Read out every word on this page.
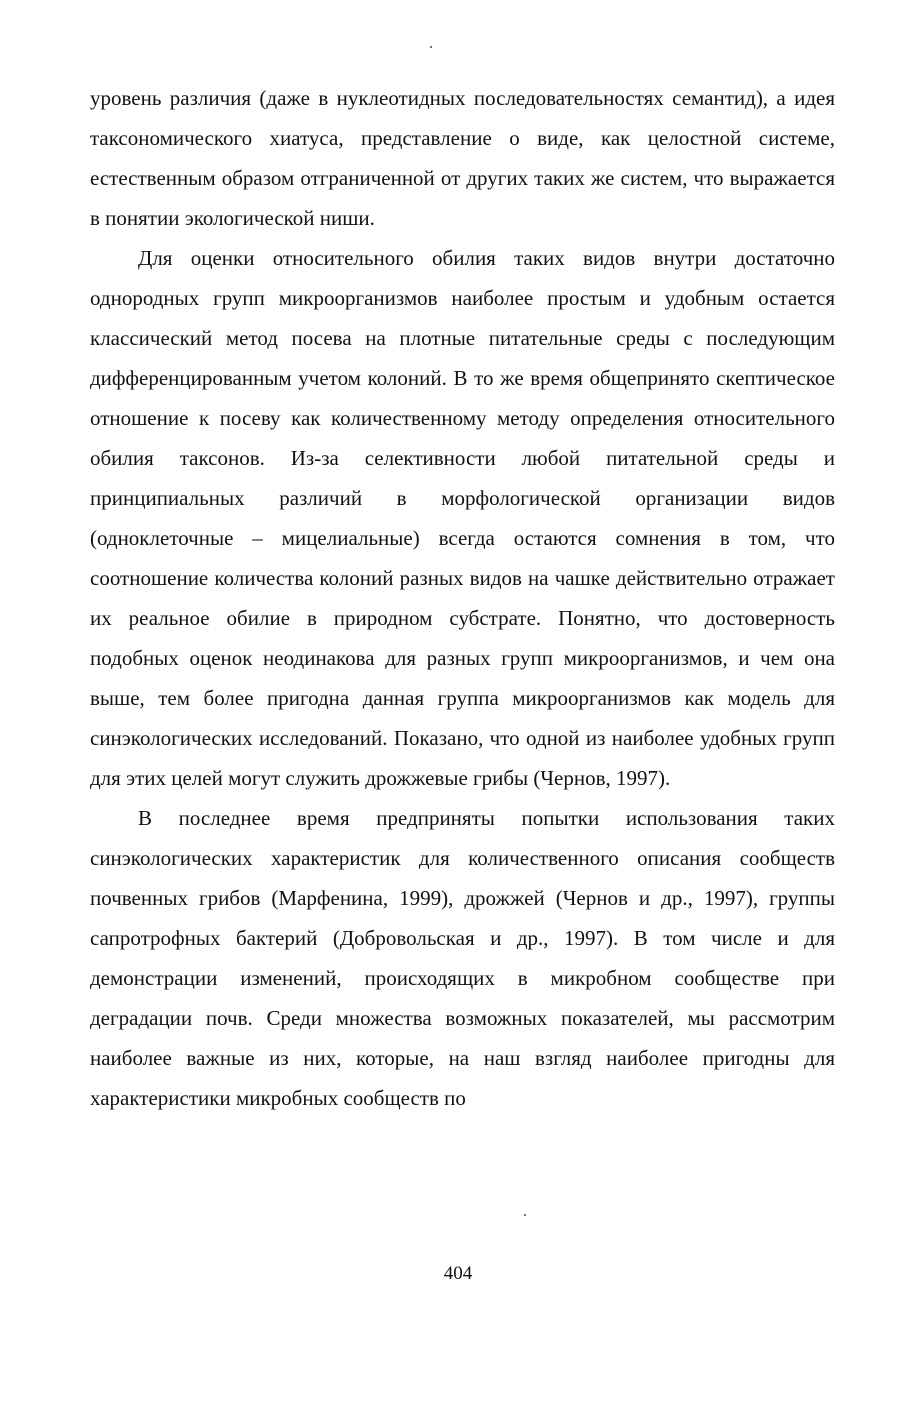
уровень различия (даже в нуклеотидных последовательностях семантид), а идея таксономического хиатуса, представление о виде, как целостной системе, естественным образом отграниченной от других таких же систем, что выражается в понятии экологической ниши.

Для оценки относительного обилия таких видов внутри достаточно однородных групп микроорганизмов наиболее простым и удобным остается классический метод посева на плотные питательные среды с последующим дифференцированным учетом колоний. В то же время общепринято скептическое отношение к посеву как количественному методу определения относительного обилия таксонов. Из-за селективности любой питательной среды и принципиальных различий в морфологической организации видов (одноклеточные – мицелиальные) всегда остаются сомнения в том, что соотношение количества колоний разных видов на чашке действительно отражает их реальное обилие в природном субстрате. Понятно, что достоверность подобных оценок неодинакова для разных групп микроорганизмов, и чем она выше, тем более пригодна данная группа микроорганизмов как модель для синэкологических исследований. Показано, что одной из наиболее удобных групп для этих целей могут служить дрожжевые грибы (Чернов, 1997).

В последнее время предприняты попытки использования таких синэкологических характеристик для количественного описания сообществ почвенных грибов (Марфенина, 1999), дрожжей (Чернов и др., 1997), группы сапротрофных бактерий (Добровольская и др., 1997). В том числе и для демонстрации изменений, происходящих в микробном сообществе при деградации почв. Среди множества возможных показателей, мы рассмотрим наиболее важные из них, которые, на наш взгляд наиболее пригодны для характеристики микробных сообществ по

404
